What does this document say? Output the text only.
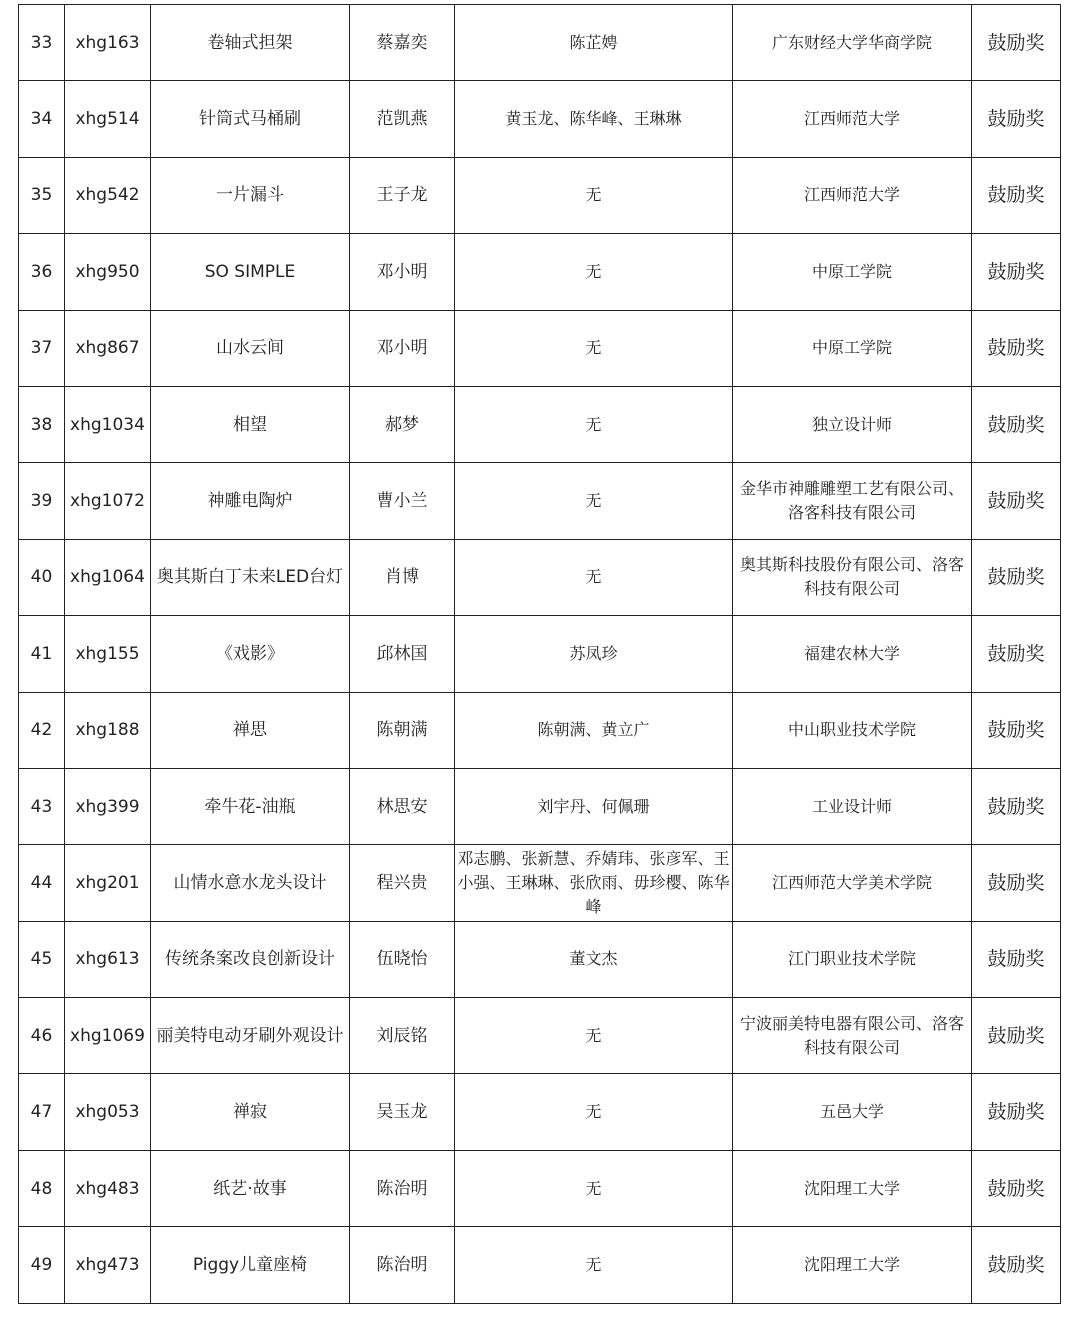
33	xhg163	卷轴式担架	蔡嘉奕	陈芷娉	广东财经大学华商学院	鼓励奖
34	xhg514	针筒式马桶刷	范凯燕	黄玉龙、陈华峰、王琳琳	江西师范大学	鼓励奖
35	xhg542	一片漏斗	王子龙	无	江西师范大学	鼓励奖
36	xhg950	SO SIMPLE	邓小明	无	中原工学院	鼓励奖
37	xhg867	山水云间	邓小明	无	中原工学院	鼓励奖
38	xhg1034	相望	郝梦	无	独立设计师	鼓励奖
39	xhg1072	神雕电陶炉	曹小兰	无	金华市神雕雕塑工艺有限公司、洛客科技有限公司	鼓励奖
40	xhg1064	奥其斯白丁未来LED台灯	肖博	无	奥其斯科技股份有限公司、洛客科技有限公司	鼓励奖
41	xhg155	《戏影》	邱林国	苏凤珍	福建农林大学	鼓励奖
42	xhg188	禅思	陈朝满	陈朝满、黄立广	中山职业技术学院	鼓励奖
43	xhg399	牵牛花-油瓶	林思安	刘宇丹、何佩珊	工业设计师	鼓励奖
44	xhg201	山情水意水龙头设计	程兴贵	邓志鹏、张新慧、乔婧玮、张彦军、王小强、王琳琳、张欣雨、毋珍樱、陈华峰	江西师范大学美术学院	鼓励奖
45	xhg613	传统条案改良创新设计	伍晓怡	董文杰	江门职业技术学院	鼓励奖
46	xhg1069	丽美特电动牙刷外观设计	刘辰铭	无	宁波丽美特电器有限公司、洛客科技有限公司	鼓励奖
47	xhg053	禅寂	吴玉龙	无	五邑大学	鼓励奖
48	xhg483	纸艺·故事	陈治明	无	沈阳理工大学	鼓励奖
49	xhg473	Piggy儿童座椅	陈治明	无	沈阳理工大学	鼓励奖
